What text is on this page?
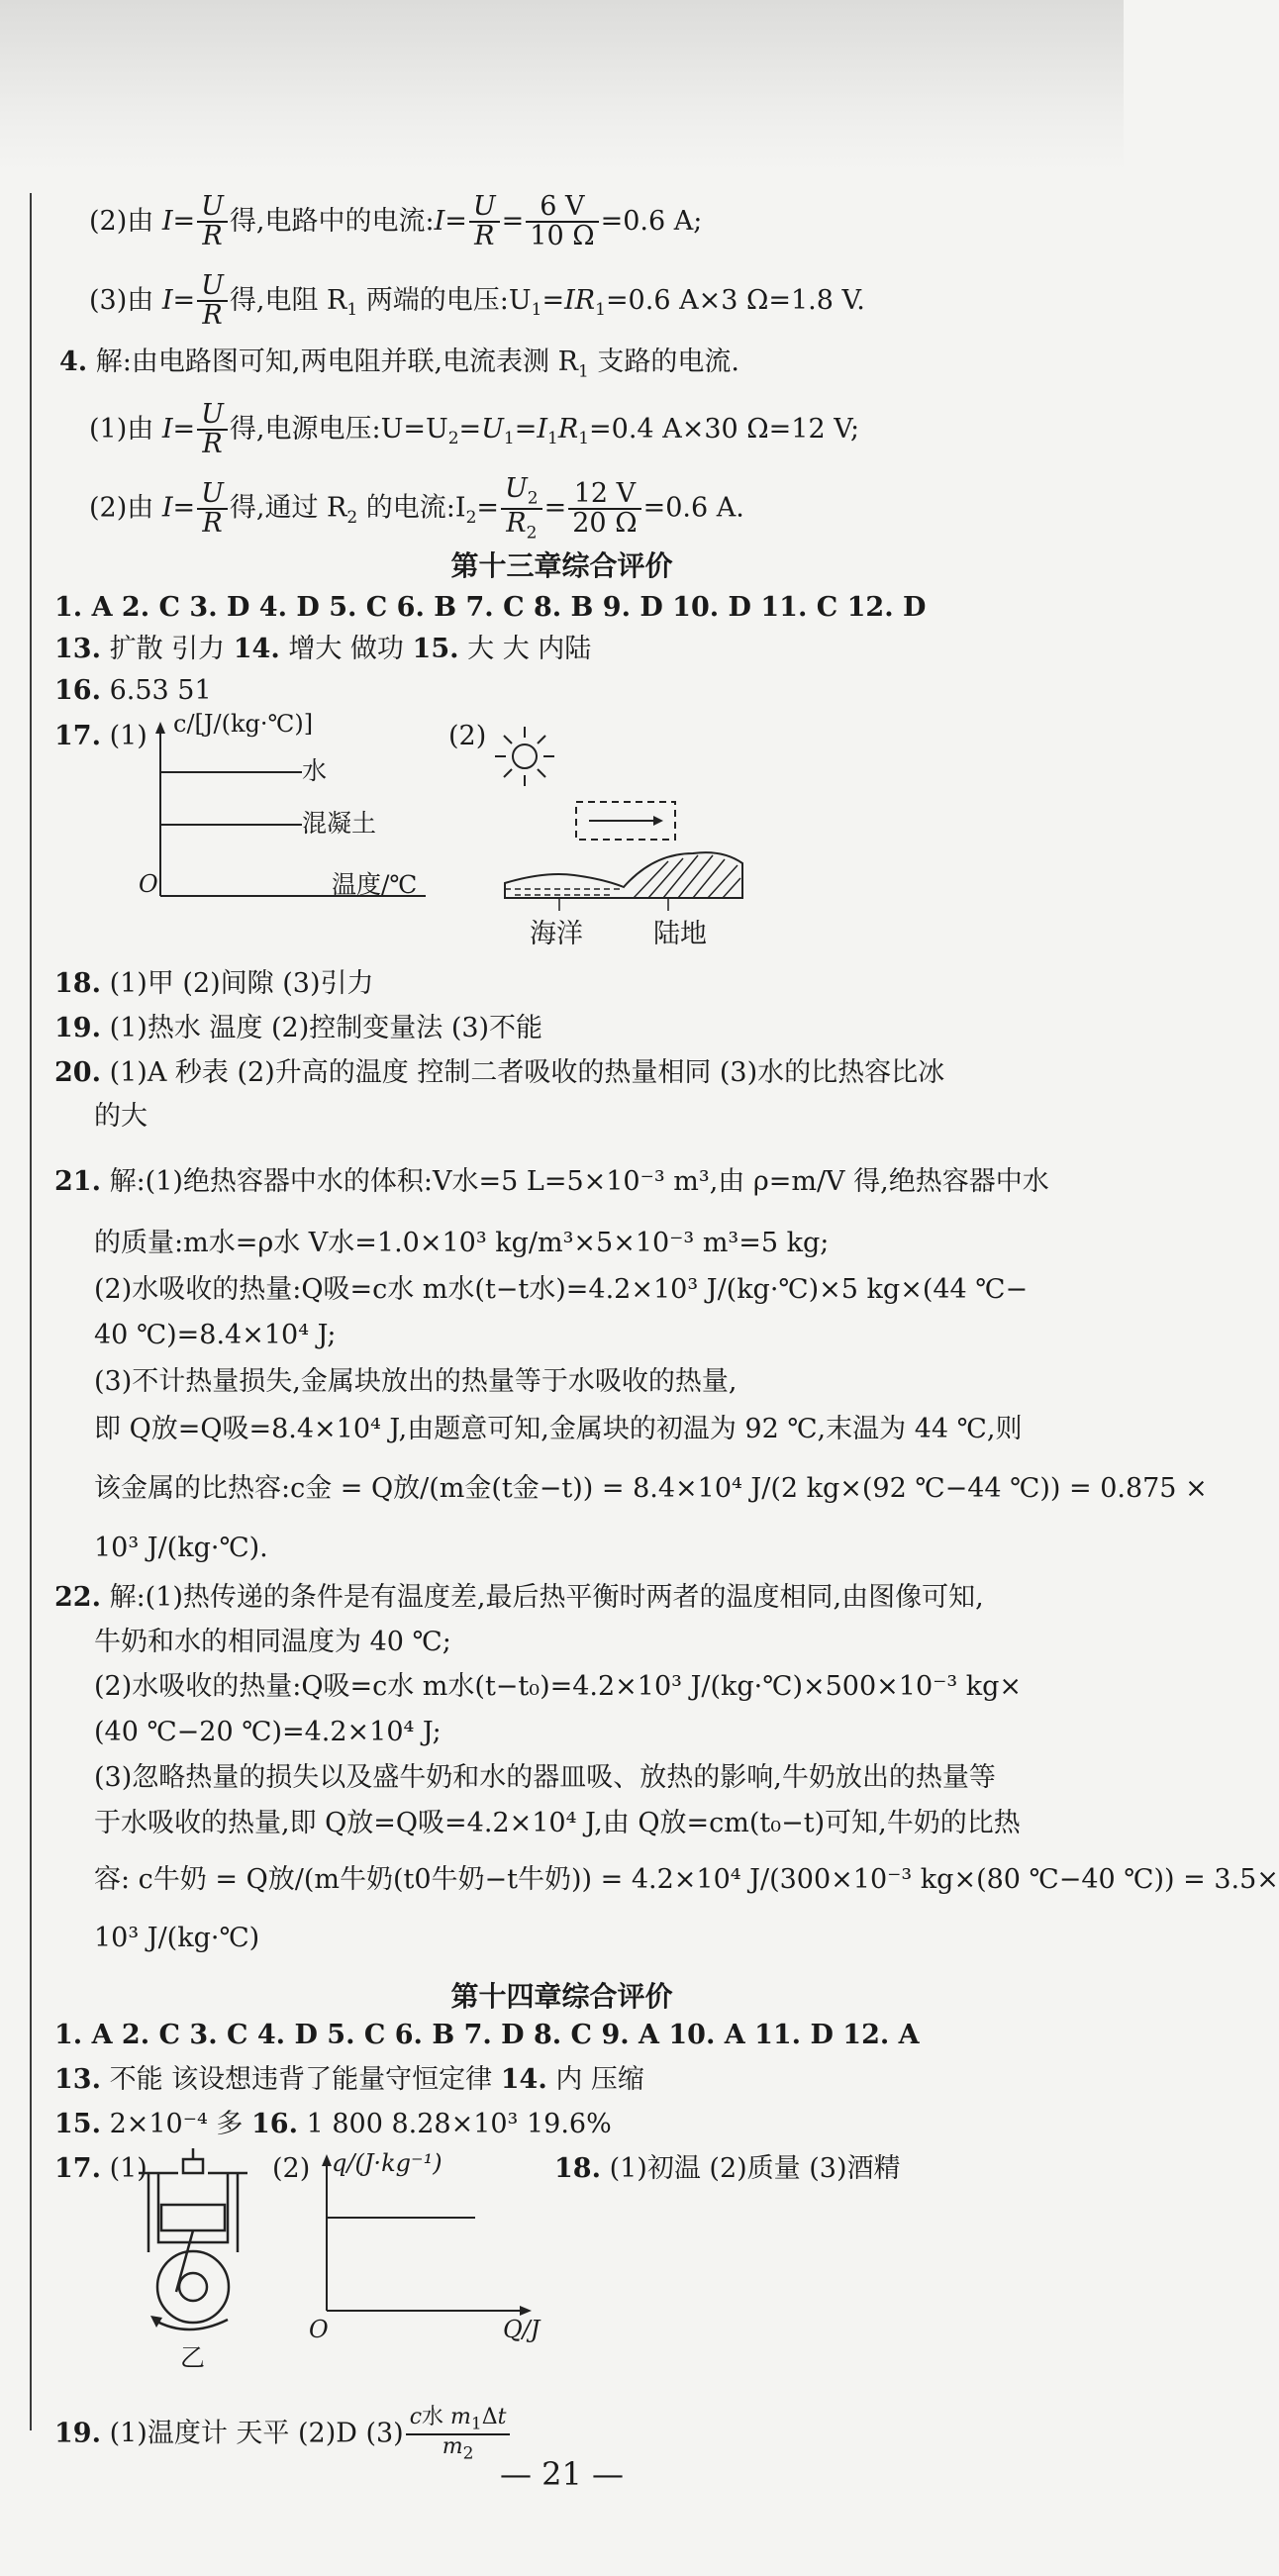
(2)由 $I= \frac{U}{R}$ 得,电路中的电流:I= $\frac{U}{R} = \frac{6 V}{10 \Omega} =0.6$ A;
(3)由 $I= \frac{U}{R}$ 得,电阻 $R_1$ 两端的电压$:U_1=IR_1=0.6$ A×3 Ω=1.8 V.
4. 解:由电路图可知,两电阻并联,电流表测 $R_1$ 支路的电流.
(1)由 $I= \frac{U}{R}$ 得,电源电压$:U=U_2=U_1=I_1R_1=0.4$ A×30 Ω=12 V;
(2)由 $I= \frac{U}{R}$ 得,通过 $R_2$ 的电流$:I_2= \frac{U_2}{R_2} = \frac{12 V}{20 \Omega} =0.6$ A.
第十三章综合评价
1. A 2. C 3. D 4. D 5. C 6. B 7. C 8. B 9. D 10. D 11. C 12. D
13. 扩散 引力 14. 增大 做功 15. 大 大 内陆
16. 6.53 51
17. (1) c/[J/(kg·℃)]
水
混凝土
O	温度/℃
(2)
海洋	陆地
18. (1)甲 (2)间隙 (3)引力
19. (1)热水 温度 (2)控制变量法 (3)不能
20. (1)A 秒表 (2)升高的温度 控制二者吸收的热量相同 (3)水的比热容比冰
的大
21. 解:(1)绝热容器中水的体积:V水=5 L=5×10⁻³ m³,由 ρ=m/V 得,绝热容器中水
的质量:m水=ρ水 V水=1.0×10³ kg/m³×5×10⁻³ m³=5 kg;
(2)水吸收的热量:Q吸=c水 m水(t−t水)=4.2×10³ J/(kg·℃)×5 kg×(44 ℃−
40 ℃)=8.4×10⁴ J;
(3)不计热量损失,金属块放出的热量等于水吸收的热量,
即 Q放=Q吸=8.4×10⁴ J,由题意可知,金属块的初温为 92 ℃,末温为 44 ℃,则
该金属的比热容:c金 = Q放/(m金(t金−t)) = 8.4×10⁴ J/(2 kg×(92 ℃−44 ℃)) = 0.875 ×
10³ J/(kg·℃).
22. 解:(1)热传递的条件是有温度差,最后热平衡时两者的温度相同,由图像可知,
牛奶和水的相同温度为 40 ℃;
(2)水吸收的热量:Q吸=c水 m水(t−t₀)=4.2×10³ J/(kg·℃)×500×10⁻³ kg×
(40 ℃−20 ℃)=4.2×10⁴ J;
(3)忽略热量的损失以及盛牛奶和水的器皿吸、放热的影响,牛奶放出的热量等
于水吸收的热量,即 Q放=Q吸=4.2×10⁴ J,由 Q放=cm(t₀−t)可知,牛奶的比热
容: c牛奶 = Q放/(m牛奶(t0牛奶−t牛奶)) = 4.2×10⁴ J/(300×10⁻³ kg×(80 ℃−40 ℃)) = 3.5×
10³ J/(kg·℃)
第十四章综合评价
1. A 2. C 3. C 4. D 5. C 6. B 7. D 8. C 9. A 10. A 11. D 12. A
13. 不能 该设想违背了能量守恒定律 14. 内 压缩
15. 2×10⁻⁴ 多 16. 1 800 8.28×10³ 19.6%
17. (1)
乙
(2) q/(J·kg⁻¹)
O	Q/J
18. (1)初温 (2)质量 (3)酒精
19. (1)温度计 天平 (2)D (3)
c水 $m_1\Delta t$
$m_2$
— 21 —
